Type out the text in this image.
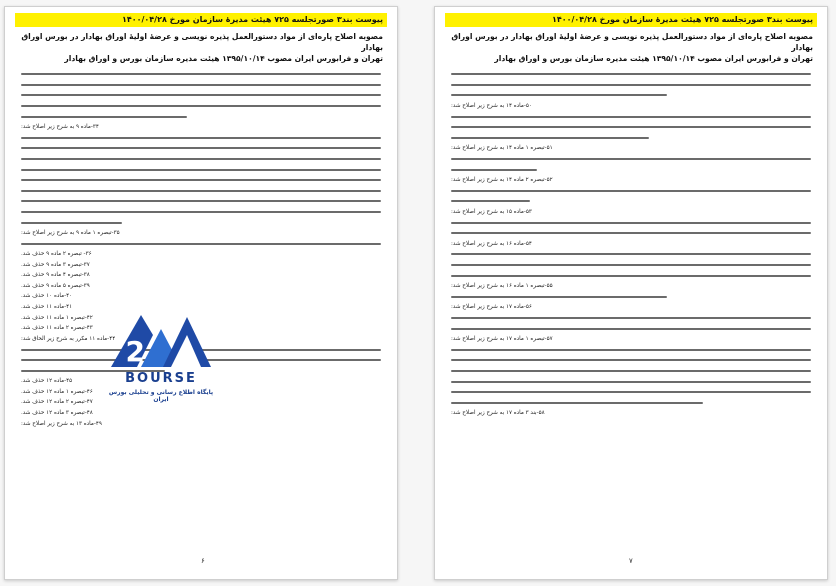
پیوست بند۳ صورتجلسه ۷۲۵ هیئت مدیرهٔ سازمان مورخ ۱۴۰۰/۰۴/۲۸
مصوبه اصلاح‌ پاره‌ای از مواد دستورالعمل پذیره نویسی و عرضهٔ اولیهٔ اوراق بهادار در بورس اوراق بهادار
تهران و فرابورس ایران مصوب ۱۳۹۵/۱۰/۱۴ هیئت مدیره سازمان بورس و اوراق بهادار
۳۴-ماده ۹ به شرح زیر اصلاح شد:
۳۵-تبصره ۱ ماده ۹ به شرح زیر اصلاح شد:
۳۶- تبصره ۲ ماده ۹ حذف شد.
۳۷-تبصره ۳ ماده ۹ حذف شد.
۳۸-تبصره ۴ ماده ۹ حذف شد.
۳۹-تبصره ۵ ماده ۹ حذف شد.
۴۰-ماده ۱۰ حذف شد.
۴۱-ماده ۱۱ حذف شد.
۴۲-تبصره ۱ ماده ۱۱ حذف شد.
۴۳-تبصره ۲ ماده ۱۱ حذف شد.
۴۴-ماده ۱۱ مکرر به شرح زیر الحاق شد:
۴۵-ماده ۱۲ حذف شد.
۴۶-تبصره ۱ ماده ۱۲ حذف شد.
۴۷-تبصره ۲ ماده ۱۲ حذف شد.
۴۸-تبصره ۳ ماده ۱۲ حذف شد.
۴۹-ماده ۱۳ به شرح زیر اصلاح شد:
2
BOURSE
پایگاه اطلاع رسانی و تحلیلی بورس ایران
۶
پیوست بند۳ صورتجلسه ۷۲۵ هیئت مدیرهٔ سازمان مورخ ۱۴۰۰/۰۴/۲۸
مصوبه اصلاح‌ پاره‌ای از مواد دستورالعمل پذیره نویسی و عرضهٔ اولیهٔ اوراق بهادار در بورس اوراق بهادار
تهران و فرابورس ایران مصوب ۱۳۹۵/۱۰/۱۴ هیئت مدیره سازمان بورس و اوراق بهادار
۵۰-ماده ۱۴ به شرح زیر اصلاح شد:
۵۱-تبصره ۱ ماده ۱۴ به شرح زیر اصلاح شد:
۵۲-تبصره ۲ ماده ۱۴ به شرح زیر اصلاح شد:
۵۳-ماده ۱۵ به شرح زیر اصلاح شد:
۵۴-ماده ۱۶ به شرح زیر اصلاح شد:
۵۵-تبصره ۱ ماده ۱۶ به شرح زیر اصلاح شد:
۵۶-ماده ۱۷ به شرح زیر اصلاح شد:
۵۷-تبصره ۱ ماده ۱۷ به شرح زیر اصلاح شد:
۵۸-بند ۳ ماده ۱۷ به شرح زیر اصلاح شد:
۷
